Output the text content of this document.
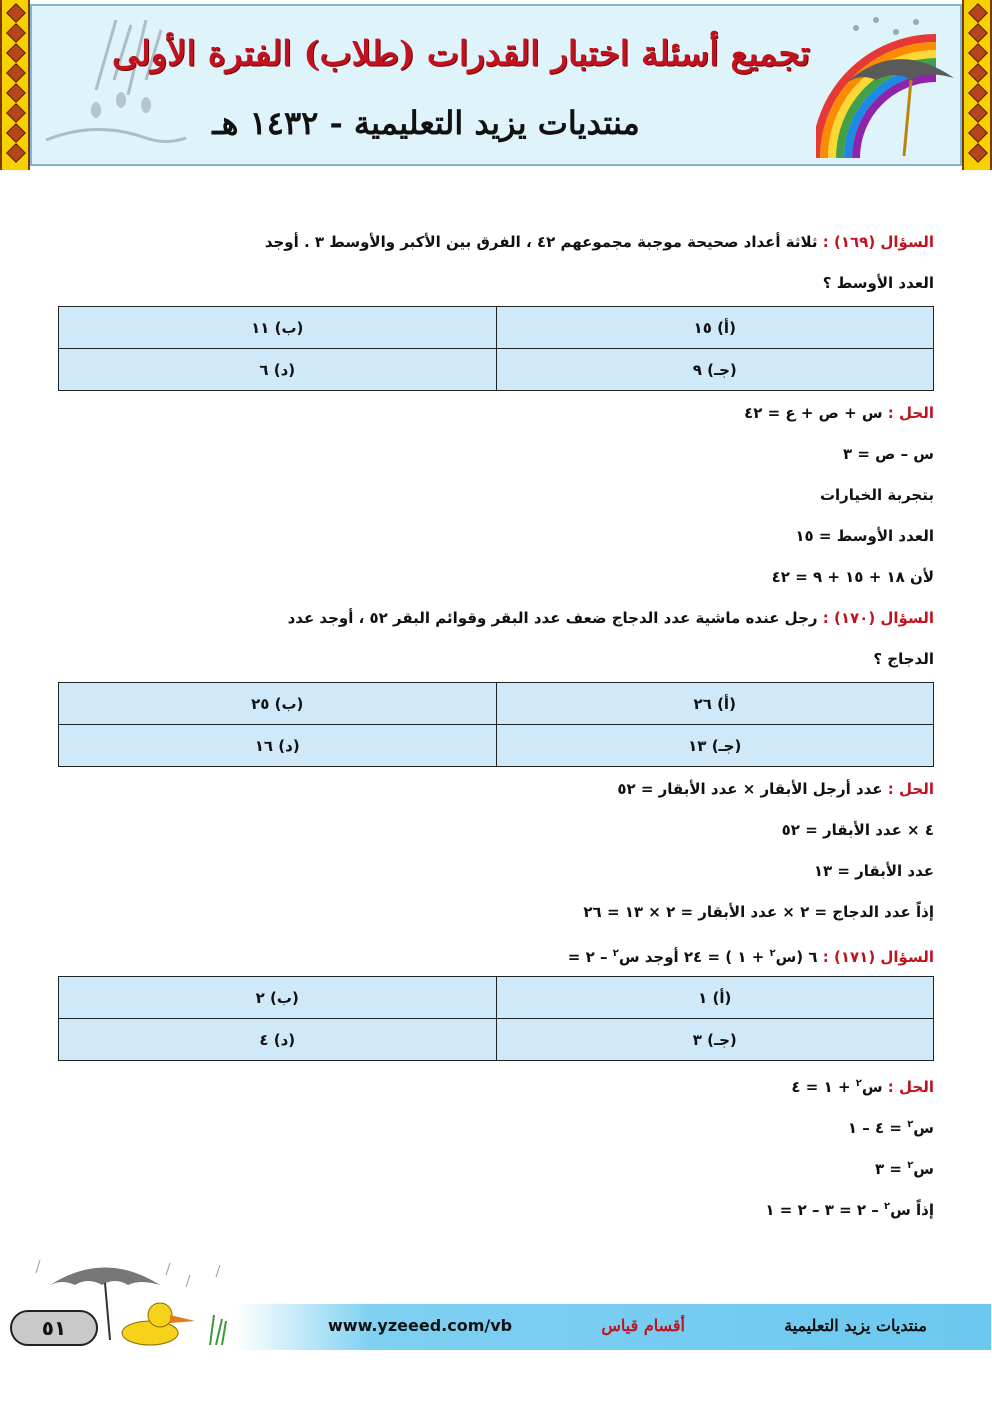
تجميع أسئلة اختبار القدرات (طلاب) الفترة الأولى
منتديات يزيد التعليمية - ١٤٣٢ هـ
السؤال (١٦٩) : ثلاثة أعداد صحيحة موجبة مجموعهم ٤٢ ، الفرق بين الأكبر والأوسط ٣ . أوجد
العدد الأوسط ؟
(أ) ١٥	(ب) ١١
(جـ) ٩	(د) ٦
الحل : س + ص + ع = ٤٢
س – ص = ٣
بتجربة الخيارات
العدد الأوسط = ١٥
لأن ١٨ + ١٥ + ٩ = ٤٢
السؤال (١٧٠) : رجل عنده ماشية عدد الدجاج ضعف عدد البقر وقوائم البقر ٥٢ ، أوجد عدد
الدجاج ؟
(أ) ٢٦	(ب) ٢٥
(جـ) ١٣	(د) ١٦
الحل : عدد أرجل الأبقار × عدد الأبقار = ٥٢
٤ × عدد الأبقار = ٥٢
عدد الأبقار = ١٣
إذاً عدد الدجاج = ٢ × عدد الأبقار = ٢ × ١٣ = ٢٦
السؤال (١٧١) : ٦ (س$^٢$ + ١ ) = ٢٤ أوجد س$^٢$ – ٢ =
(أ) ١	(ب) ٢
(جـ) ٣	(د) ٤
الحل : س$^٢$ + ١ = ٤
س$^٢$ = ٤ – ١
س$^٢$ = ٣
إذاً س$^٢$ – ٢ = ٣ – ٢ = ١
٥١	منتديات يزيد التعليمية
أقسام قياس
www.yzeeed.com/vb
